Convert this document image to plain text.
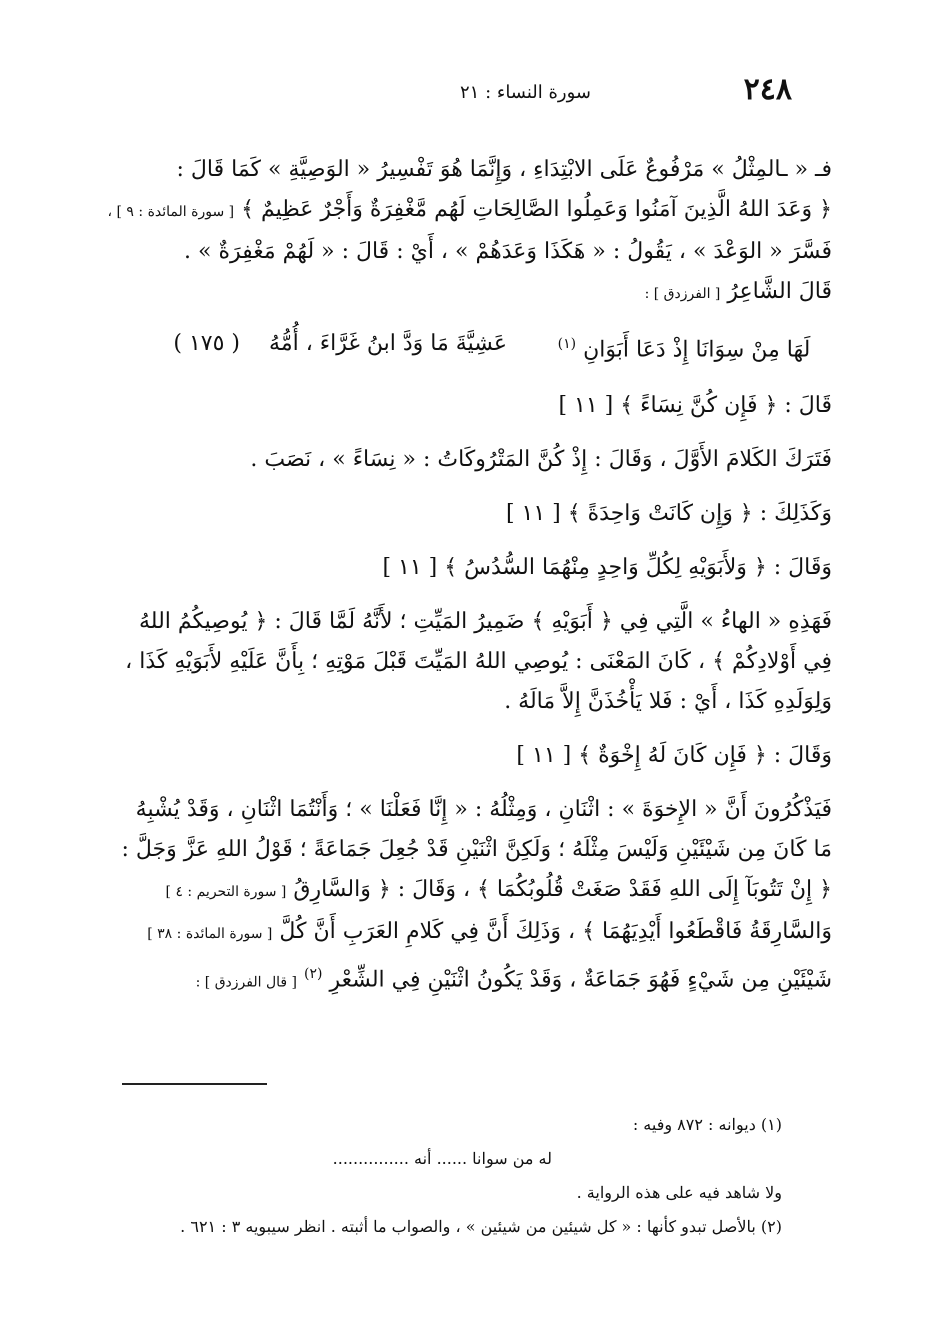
٢٤٨
سورة النساء : ٢١
فـ « ـالمِثْلُ » مَرْفُوعٌ عَلَى الابْتِدَاءِ ، وَإِنَّمَا هُوَ تَفْسِيرُ « الوَصِيَّةِ » كَمَا قَالَ :
﴿ وَعَدَ اللهُ الَّذِينَ آمَنُوا وَعَمِلُوا الصَّالِحَاتِ لَهُم مَّغْفِرَةٌ وَأَجْرٌ عَظِيمٌ ﴾ [ سورة المائدة : ٩ ] ،
فَسَّرَ « الوَعْدَ » ، يَقُولُ : « هَكَذَا وَعَدَهُمْ » ، أَيْ : قَالَ : « لَهُمْ مَغْفِرَةٌ » .
قَالَ الشَّاعِرُ [ الفرزدق ] :
لَهَا مِنْ سِوَانَا إِذْ دَعَا أَبَوَانِ $^{(١)}$
عَشِيَّةَ مَا وَدَّ ابنُ غَرَّاءَ ، أُمُّهُ
( ١٧٥ )
قَالَ : ﴿ فَإِن كُنَّ نِسَاءً ﴾ [ ١١ ]
فَتَرَكَ الكَلامَ الأَوَّلَ ، وَقَالَ : إِذْ كُنَّ المَتْرُوكَاتُ : « نِسَاءً » ، نَصَبَ .
وَكَذَلِكَ : ﴿ وَإِن كَانَتْ وَاحِدَةً ﴾ [ ١١ ]
وَقَالَ : ﴿ وَلأَبَوَيْهِ لِكُلِّ وَاحِدٍ مِنْهُمَا السُّدُسُ ﴾ [ ١١ ]
فَهَذِهِ « الهاءُ » الَّتِي فِي ﴿ أَبَوَيْهِ ﴾ ضَمِيرُ المَيِّتِ ؛ لأَنَّهُ لَمَّا قَالَ : ﴿ يُوصِيكُمُ اللهُ
فِي أَوْلادِكُمْ ﴾ ، كَانَ المَعْنَى : يُوصِي اللهُ المَيِّتَ قَبْلَ مَوْتِهِ ؛ بِأَنَّ عَلَيْهِ لأَبَوَيْهِ كَذَا ،
وَلِوَلَدِهِ كَذَا ، أَيْ : فَلا يَأْخُذَنَّ إِلاَّ مَالَهُ .
وَقَالَ : ﴿ فَإِن كَانَ لَهُ إِخْوَةٌ ﴾ [ ١١ ]
فَيَذْكُرُونَ أَنَّ « الإِخوَةَ » : اثْنَانِ ، وَمِثْلُهُ : « إِنَّا فَعَلْنَا » ؛ وَأَنْتُمَا اثْنَانِ ، وَقَدْ يُشْبِهُ
مَا كَانَ مِن شَيْئَيْنِ وَلَيْسَ مِثْلَهُ ؛ وَلَكِنَّ اثْنَيْنِ قَدْ جُعِلَ جَمَاعَةً ؛ قَوْلُ اللهِ عَزَّ وَجَلَّ :
﴿ إِنْ تَتُوبَآ إِلَى اللهِ فَقَدْ صَغَتْ قُلُوبُكُمَا ﴾ ، وَقَالَ : ﴿ وَالسَّارِقُ [ سورة التحريم : ٤ ]
وَالسَّارِقَةُ فَاقْطَعُوا أَيْدِيَهُمَا ﴾ ، وَذَلِكَ أَنَّ فِي كَلامِ العَرَبِ أَنَّ كُلَّ [ سورة المائدة : ٣٨ ]
شَيْئَيْنِ مِن شَيْءٍ فَهُوَ جَمَاعَةٌ ، وَقَدْ يَكُونُ اثْنَيْنِ فِي الشِّعْرِ $^{(٢)}$ [ قال الفرزدق ] :
(١) ديوانه : ٨٧٢ وفيه :
له من سوانا ...... أنه ...............
ولا شاهد فيه على هذه الرواية .
(٢) بالأصل تبدو كأنها : « كل شيئين من شيئين » ، والصواب ما أثبته . انظر سيبويه ٣ : ٦٢١ .
